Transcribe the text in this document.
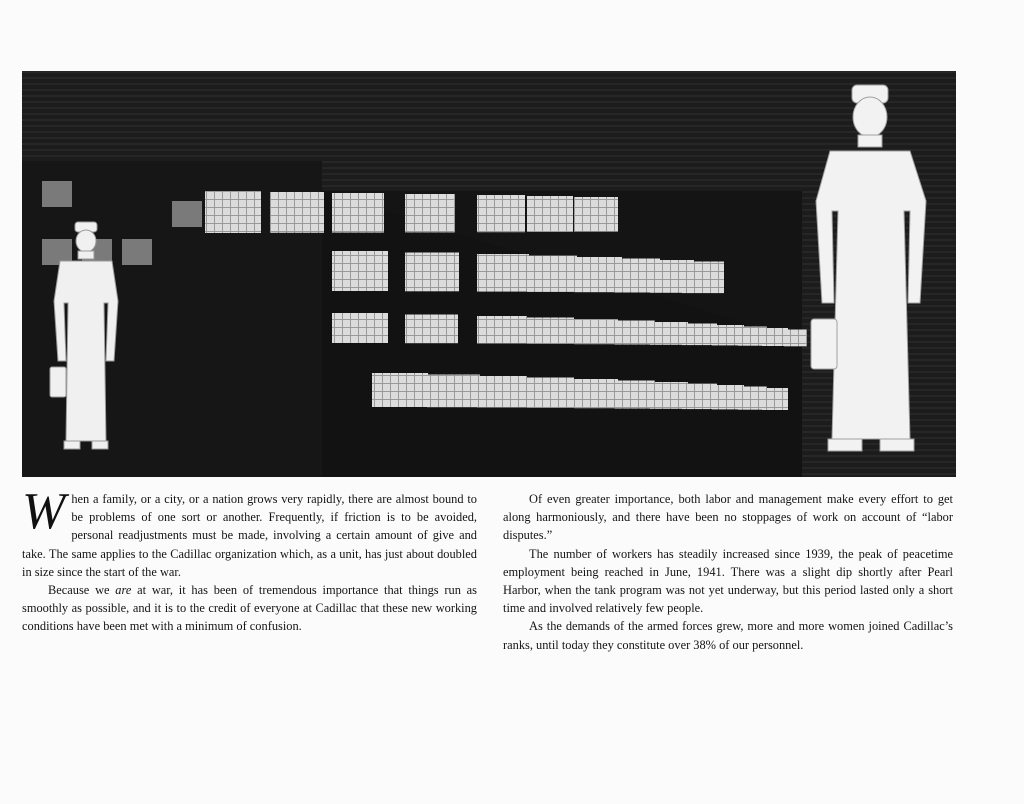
When a family, or a city, or a nation grows very rapidly, there are almost bound to be problems of one sort or another. Frequently, if friction is to be avoided, personal readjustments must be made, involving a certain amount of give and take. The same applies to the Cadillac organization which, as a unit, has just about doubled in size since the start of the war.

Because we are at war, it has been of tremendous importance that things run as smoothly as possible, and it is to the credit of everyone at Cadillac that these new working conditions have been met with a minimum of confusion.

Of even greater importance, both labor and management make every effort to get along harmoniously, and there have been no stoppages of work on account of “labor disputes.”

The number of workers has steadily increased since 1939, the peak of peacetime employment being reached in June, 1941. There was a slight dip shortly after Pearl Harbor, when the tank program was not yet underway, but this period lasted only a short time and involved relatively few people.

As the demands of the armed forces grew, more and more women joined Cadillac’s ranks, until today they constitute over 38% of our personnel.
